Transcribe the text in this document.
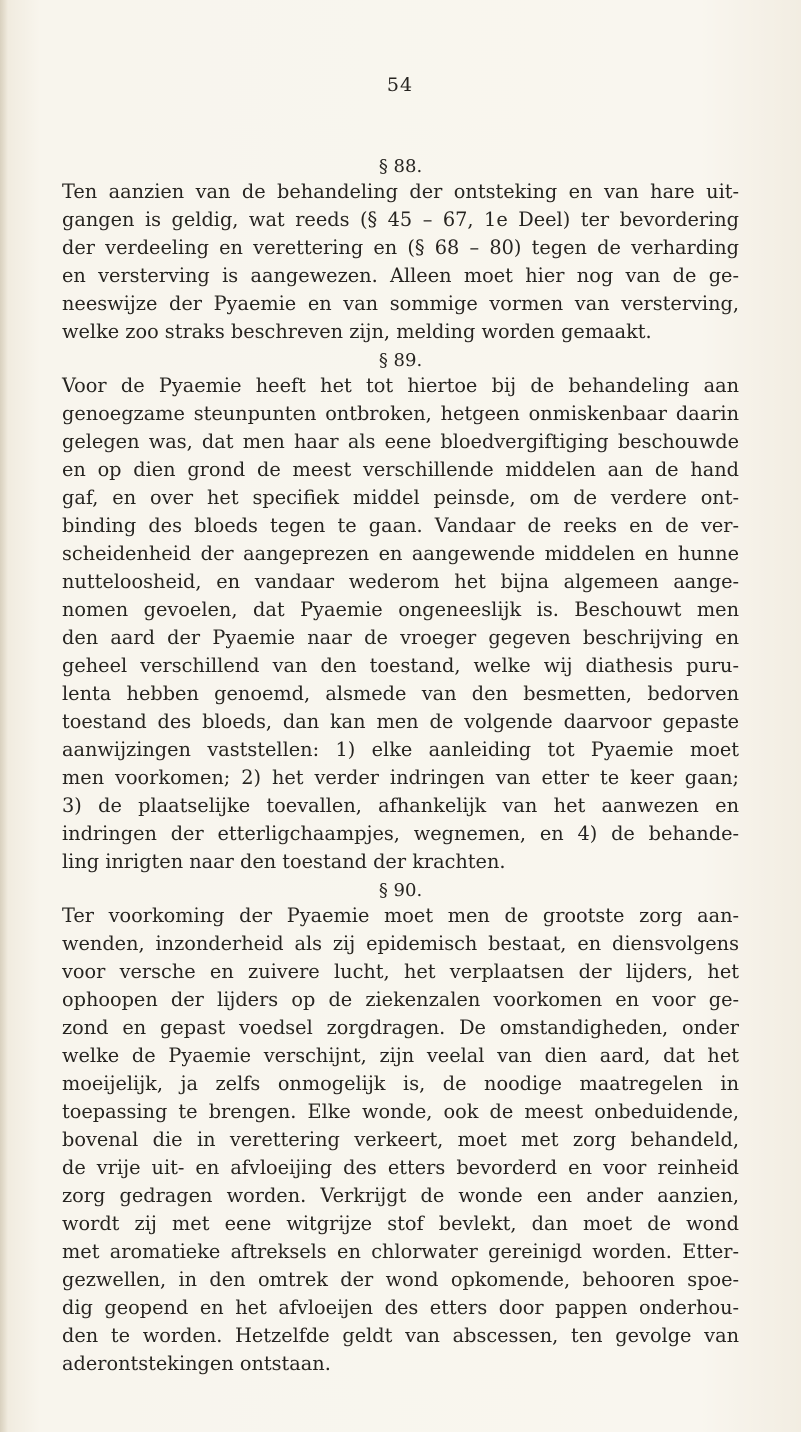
54
§ 88.
Ten aanzien van de behandeling der ontsteking en van hare uit-
gangen is geldig, wat reeds (§ 45 – 67, 1e Deel) ter bevordering
der verdeeling en verettering en (§ 68 – 80) tegen de verharding
en versterving is aangewezen. Alleen moet hier nog van de ge-
neeswijze der Pyaemie en van sommige vormen van versterving,
welke zoo straks beschreven zijn, melding worden gemaakt.
§ 89.
Voor de Pyaemie heeft het tot hiertoe bij de behandeling aan
genoegzame steunpunten ontbroken, hetgeen onmiskenbaar daarin
gelegen was, dat men haar als eene bloedvergiftiging beschouwde
en op dien grond de meest verschillende middelen aan de hand
gaf, en over het specifiek middel peinsde, om de verdere ont-
binding des bloeds tegen te gaan. Vandaar de reeks en de ver-
scheidenheid der aangeprezen en aangewende middelen en hunne
nutteloosheid, en vandaar wederom het bijna algemeen aange-
nomen gevoelen, dat Pyaemie ongeneeslijk is. Beschouwt men
den aard der Pyaemie naar de vroeger gegeven beschrijving en
geheel verschillend van den toestand, welke wij diathesis puru-
lenta hebben genoemd, alsmede van den besmetten, bedorven
toestand des bloeds, dan kan men de volgende daarvoor gepaste
aanwijzingen vaststellen: 1) elke aanleiding tot Pyaemie moet
men voorkomen; 2) het verder indringen van etter te keer gaan;
3) de plaatselijke toevallen, afhankelijk van het aanwezen en
indringen der etterligchaampjes, wegnemen, en 4) de behande-
ling inrigten naar den toestand der krachten.
§ 90.
Ter voorkoming der Pyaemie moet men de grootste zorg aan-
wenden, inzonderheid als zij epidemisch bestaat, en diensvolgens
voor versche en zuivere lucht, het verplaatsen der lijders, het
ophoopen der lijders op de ziekenzalen voorkomen en voor ge-
zond en gepast voedsel zorgdragen. De omstandigheden, onder
welke de Pyaemie verschijnt, zijn veelal van dien aard, dat het
moeijelijk, ja zelfs onmogelijk is, de noodige maatregelen in
toepassing te brengen. Elke wonde, ook de meest onbeduidende,
bovenal die in verettering verkeert, moet met zorg behandeld,
de vrije uit- en afvloeijing des etters bevorderd en voor reinheid
zorg gedragen worden. Verkrijgt de wonde een ander aanzien,
wordt zij met eene witgrijze stof bevlekt, dan moet de wond
met aromatieke aftreksels en chlorwater gereinigd worden. Etter-
gezwellen, in den omtrek der wond opkomende, behooren spoe-
dig geopend en het afvloeijen des etters door pappen onderhou-
den te worden. Hetzelfde geldt van abscessen, ten gevolge van
aderontstekingen ontstaan.
